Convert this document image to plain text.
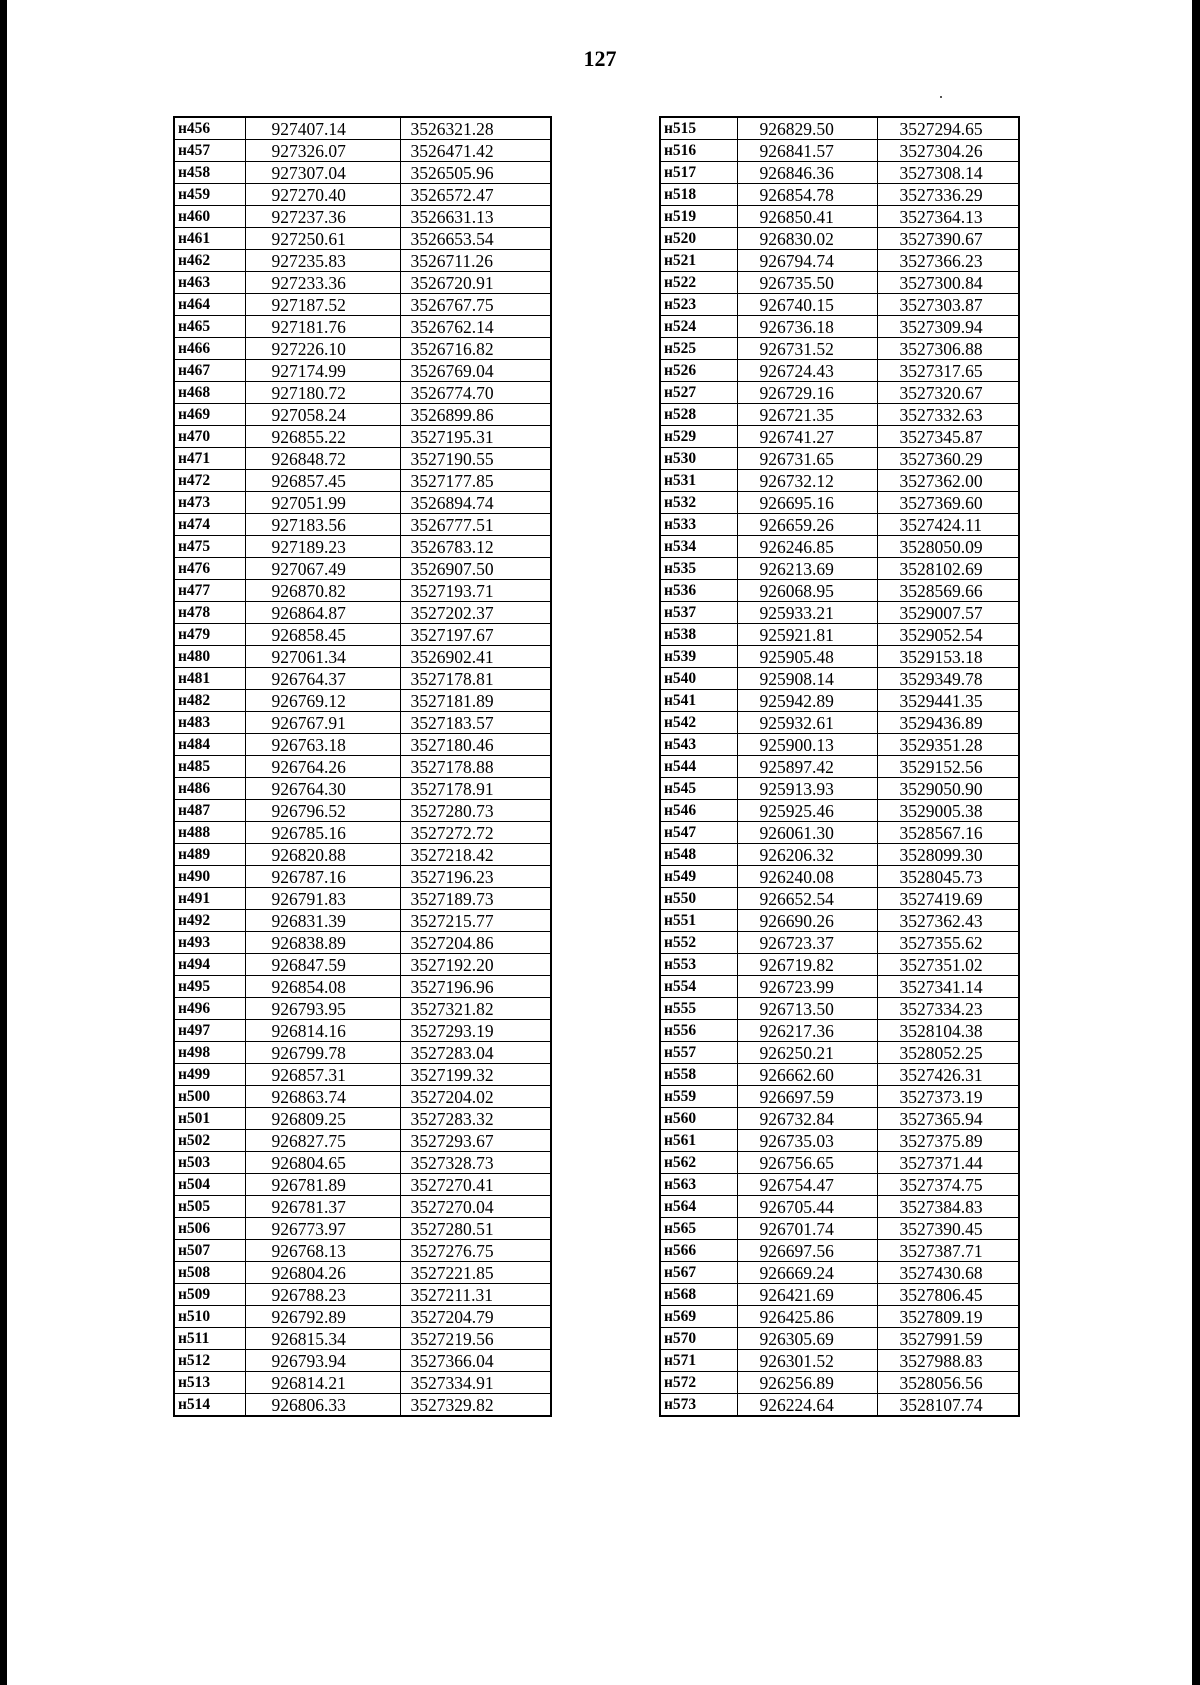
127
н456	927407.14	3526321.28
н457	927326.07	3526471.42
н458	927307.04	3526505.96
н459	927270.40	3526572.47
н460	927237.36	3526631.13
н461	927250.61	3526653.54
н462	927235.83	3526711.26
н463	927233.36	3526720.91
н464	927187.52	3526767.75
н465	927181.76	3526762.14
н466	927226.10	3526716.82
н467	927174.99	3526769.04
н468	927180.72	3526774.70
н469	927058.24	3526899.86
н470	926855.22	3527195.31
н471	926848.72	3527190.55
н472	926857.45	3527177.85
н473	927051.99	3526894.74
н474	927183.56	3526777.51
н475	927189.23	3526783.12
н476	927067.49	3526907.50
н477	926870.82	3527193.71
н478	926864.87	3527202.37
н479	926858.45	3527197.67
н480	927061.34	3526902.41
н481	926764.37	3527178.81
н482	926769.12	3527181.89
н483	926767.91	3527183.57
н484	926763.18	3527180.46
н485	926764.26	3527178.88
н486	926764.30	3527178.91
н487	926796.52	3527280.73
н488	926785.16	3527272.72
н489	926820.88	3527218.42
н490	926787.16	3527196.23
н491	926791.83	3527189.73
н492	926831.39	3527215.77
н493	926838.89	3527204.86
н494	926847.59	3527192.20
н495	926854.08	3527196.96
н496	926793.95	3527321.82
н497	926814.16	3527293.19
н498	926799.78	3527283.04
н499	926857.31	3527199.32
н500	926863.74	3527204.02
н501	926809.25	3527283.32
н502	926827.75	3527293.67
н503	926804.65	3527328.73
н504	926781.89	3527270.41
н505	926781.37	3527270.04
н506	926773.97	3527280.51
н507	926768.13	3527276.75
н508	926804.26	3527221.85
н509	926788.23	3527211.31
н510	926792.89	3527204.79
н511	926815.34	3527219.56
н512	926793.94	3527366.04
н513	926814.21	3527334.91
н514	926806.33	3527329.82
н515	926829.50	3527294.65
н516	926841.57	3527304.26
н517	926846.36	3527308.14
н518	926854.78	3527336.29
н519	926850.41	3527364.13
н520	926830.02	3527390.67
н521	926794.74	3527366.23
н522	926735.50	3527300.84
н523	926740.15	3527303.87
н524	926736.18	3527309.94
н525	926731.52	3527306.88
н526	926724.43	3527317.65
н527	926729.16	3527320.67
н528	926721.35	3527332.63
н529	926741.27	3527345.87
н530	926731.65	3527360.29
н531	926732.12	3527362.00
н532	926695.16	3527369.60
н533	926659.26	3527424.11
н534	926246.85	3528050.09
н535	926213.69	3528102.69
н536	926068.95	3528569.66
н537	925933.21	3529007.57
н538	925921.81	3529052.54
н539	925905.48	3529153.18
н540	925908.14	3529349.78
н541	925942.89	3529441.35
н542	925932.61	3529436.89
н543	925900.13	3529351.28
н544	925897.42	3529152.56
н545	925913.93	3529050.90
н546	925925.46	3529005.38
н547	926061.30	3528567.16
н548	926206.32	3528099.30
н549	926240.08	3528045.73
н550	926652.54	3527419.69
н551	926690.26	3527362.43
н552	926723.37	3527355.62
н553	926719.82	3527351.02
н554	926723.99	3527341.14
н555	926713.50	3527334.23
н556	926217.36	3528104.38
н557	926250.21	3528052.25
н558	926662.60	3527426.31
н559	926697.59	3527373.19
н560	926732.84	3527365.94
н561	926735.03	3527375.89
н562	926756.65	3527371.44
н563	926754.47	3527374.75
н564	926705.44	3527384.83
н565	926701.74	3527390.45
н566	926697.56	3527387.71
н567	926669.24	3527430.68
н568	926421.69	3527806.45
н569	926425.86	3527809.19
н570	926305.69	3527991.59
н571	926301.52	3527988.83
н572	926256.89	3528056.56
н573	926224.64	3528107.74
